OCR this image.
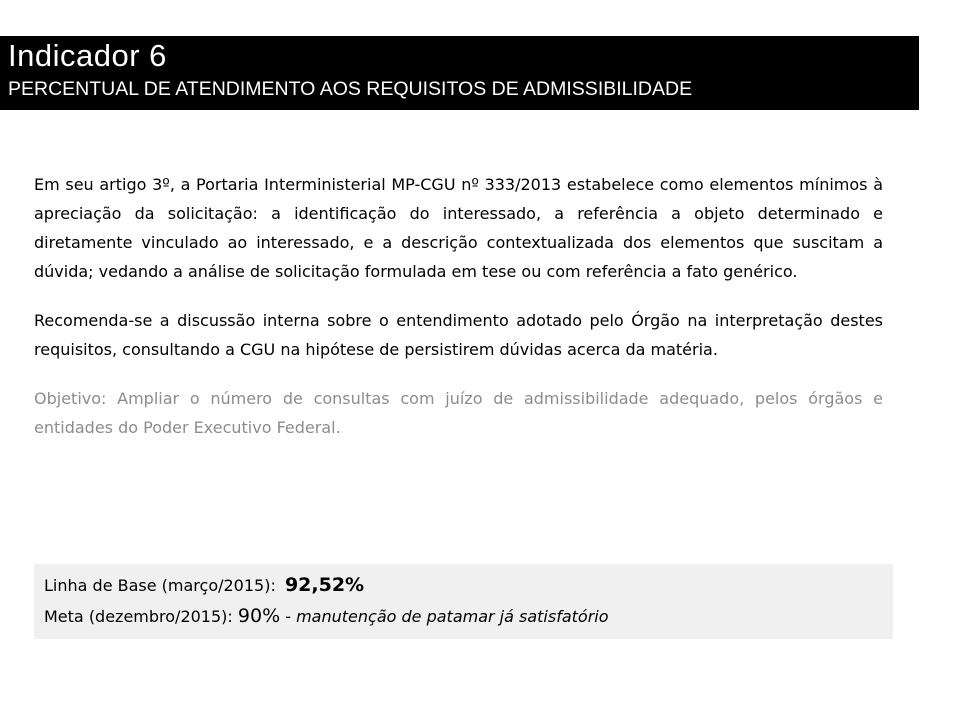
Indicador 6
PERCENTUAL DE ATENDIMENTO AOS REQUISITOS DE ADMISSIBILIDADE

Em seu artigo 3º, a Portaria Interministerial MP-CGU nº 333/2013 estabelece como elementos mínimos à apreciação da solicitação: a identificação do interessado, a referência a objeto determinado e diretamente vinculado ao interessado, e a descrição contextualizada dos elementos que suscitam a dúvida; vedando a análise de solicitação formulada em tese ou com referência a fato genérico.

Recomenda-se a discussão interna sobre o entendimento adotado pelo Órgão na interpretação destes requisitos, consultando a CGU na hipótese de persistirem dúvidas acerca da matéria.

Objetivo: Ampliar o número de consultas com juízo de admissibilidade adequado, pelos órgãos e entidades do Poder Executivo Federal.

Linha de Base (março/2015): 92,52%
Meta (dezembro/2015): 90% - manutenção de patamar já satisfatório
